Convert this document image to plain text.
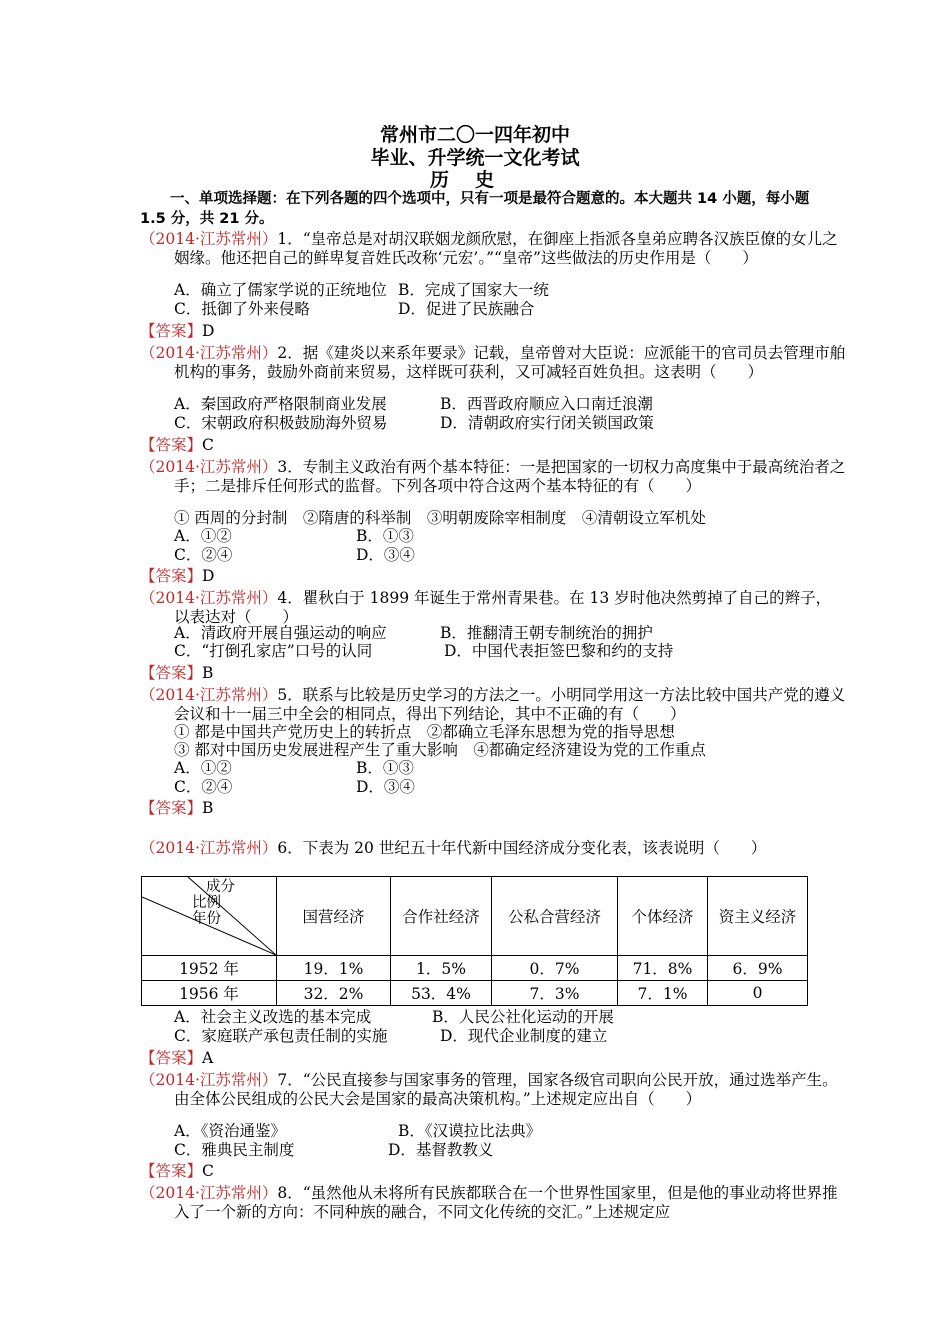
常州市二〇一四年初中
毕业、升学统一文化考试
历史
一、单项选择题：在下列各题的四个选项中，只有一项是最符合题意的。本大题共 14 小题，每小题 1.5 分，共 21 分。
（2014·江苏常州）1．“皇帝总是对胡汉联姻龙颜欣慰，在御座上指派各皇弟应聘各汉族臣僚的女儿之姻缘。他还把自己的鲜卑复音姓氏改称‘元宏’。”“皇帝”这些做法的历史作用是（　　）
A．确立了儒家学说的正统地位 B．完成了国家大一统
C．抵御了外来侵略	D．促进了民族融合
【答案】D
（2014·江苏常州）2．据《建炎以来系年要录》记载，皇帝曾对大臣说：应派能干的官司员去管理市舶机构的事务，鼓励外商前来贸易，这样既可获利，又可减轻百姓负担。这表明（　　）
A．秦国政府严格限制商业发展	B．西晋政府顺应入口南迁浪潮
C．宋朝政府积极鼓励海外贸易	D．清朝政府实行闭关锁国政策
【答案】C
（2014·江苏常州）3．专制主义政治有两个基本特征：一是把国家的一切权力高度集中于最高统治者之手；二是排斥任何形式的监督。下列各项中符合这两个基本特征的有（　　）
① 西周的分封制　②隋唐的科举制　③明朝废除宰相制度　④清朝设立军机处
A．①②	B．①③
C．②④	D．③④
【答案】D
（2014·江苏常州）4．瞿秋白于 1899 年诞生于常州青果巷。在 13 岁时他决然剪掉了自己的辫子，以表达对（　　）
A．清政府开展自强运动的响应	B．推翻清王朝专制统治的拥护
C．“打倒孔家店”口号的认同	D．中国代表拒签巴黎和约的支持
【答案】B
（2014·江苏常州）5．联系与比较是历史学习的方法之一。小明同学用这一方法比较中国共产党的遵义会议和十一届三中全会的相同点，得出下列结论，其中不正确的有（　　）
① 都是中国共产党历史上的转折点　②都确立毛泽东思想为党的指导思想
③ 都对中国历史发展进程产生了重大影响　④都确定经济建设为党的工作重点
A．①②	B．①③
C．②④	D．③④
【答案】B
（2014·江苏常州）6．下表为 20 世纪五十年代新中国经济成分变化表，该表说明（　　）
成分
比例
年份	国营经济	合作社经济	公私合营经济	个体经济	资主义经济
1952 年	19．1%	1．5%	0．7%	71．8%	6．9%
1956 年	32．2%	53．4%	7．3%	7．1%	0
A．社会主义改选的基本完成	B．人民公社化运动的开展
C．家庭联产承包责任制的实施	D．现代企业制度的建立
【答案】A
（2014·江苏常州）7．“公民直接参与国家事务的管理，国家各级官司职向公民开放，通过选举产生。由全体公民组成的公民大会是国家的最高决策机构。”上述规定应出自（　　）
A．《资治通鉴》	B．《汉谟拉比法典》
C．雅典民主制度	D．基督教教义
【答案】C
（2014·江苏常州）8．“虽然他从未将所有民族都联合在一个世界性国家里，但是他的事业动将世界推入了一个新的方向：不同种族的融合，不同文化传统的交汇。”上述规定应
